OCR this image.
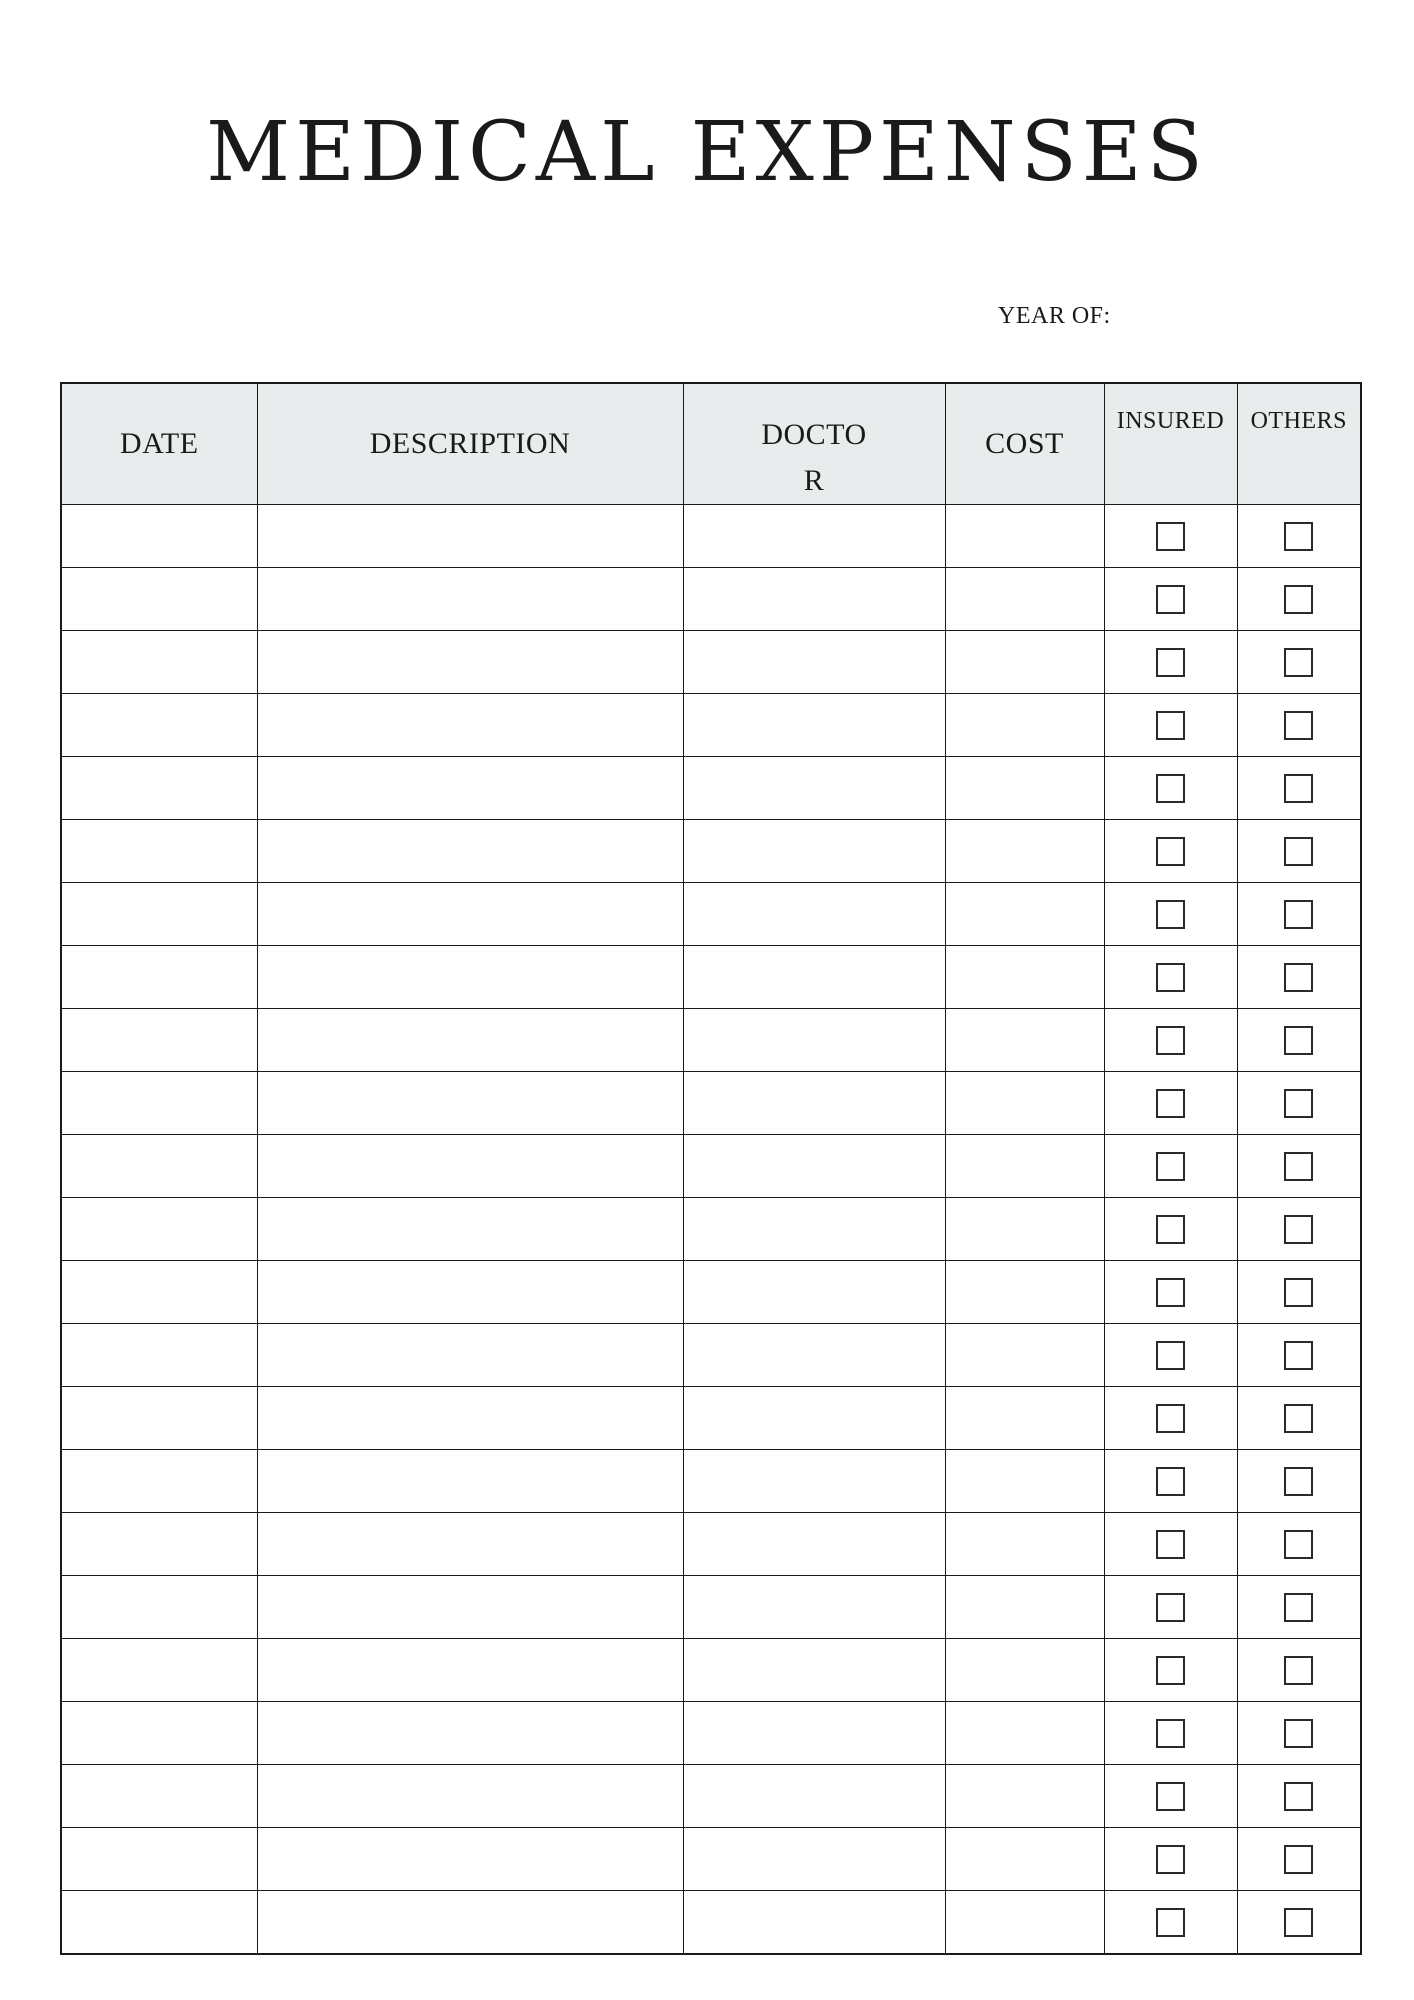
MEDICAL EXPENSES
YEAR OF:
DATE	DESCRIPTION	DOCTOR	COST	INSURED	OTHERS
